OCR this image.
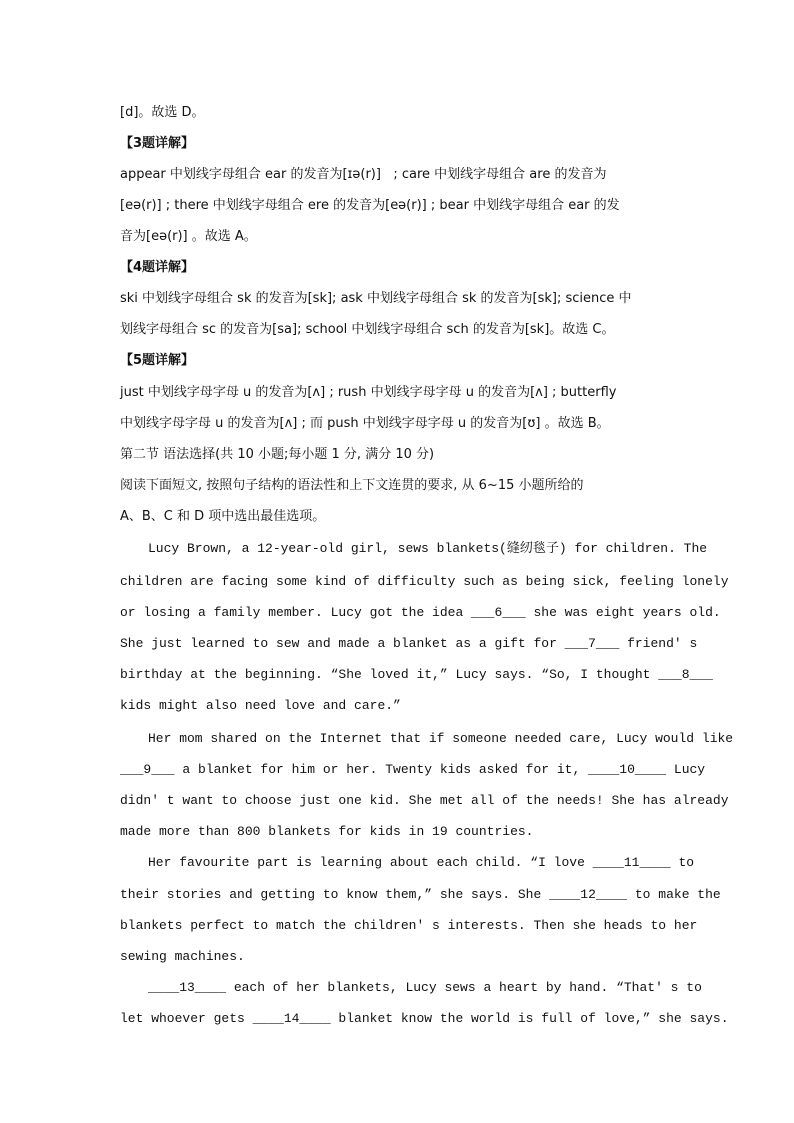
[d]。故选 D。
【3题详解】
appear 中划线字母组合 ear 的发音为[ɪə(r)]   ; care 中划线字母组合 are 的发音为
[eə(r)] ; there 中划线字母组合 ere 的发音为[eə(r)] ; bear 中划线字母组合 ear 的发
音为[eə(r)] 。故选 A。
【4题详解】
ski 中划线字母组合 sk 的发音为[sk]; ask 中划线字母组合 sk 的发音为[sk]; science 中
划线字母组合 sc 的发音为[sa]; school 中划线字母组合 sch 的发音为[sk]。故选 C。
【5题详解】
just 中划线字母字母 u 的发音为[ʌ] ; rush 中划线字母字母 u 的发音为[ʌ] ; butterfly
中划线字母字母 u 的发音为[ʌ] ; 而 push 中划线字母字母 u 的发音为[ʊ] 。故选 B。
第二节 语法选择(共 10 小题;每小题 1 分, 满分 10 分)
阅读下面短文, 按照句子结构的语法性和上下文连贯的要求, 从 6~15 小题所给的
A、B、C 和 D 项中选出最佳选项。
Lucy Brown, a 12-year-old girl, sews blankets(缝纫毯子) for children. The
children are facing some kind of difficulty such as being sick, feeling lonely
or losing a family member. Lucy got the idea ___6___ she was eight years old.
She just learned to sew and made a blanket as a gift for ___7___ friend' s
birthday at the beginning. “She loved it,” Lucy says. “So, I thought ___8___
kids might also need love and care.”
Her mom shared on the Internet that if someone needed care, Lucy would like
___9___ a blanket for him or her. Twenty kids asked for it, ____10____ Lucy
didn' t want to choose just one kid. She met all of the needs! She has already
made more than 800 blankets for kids in 19 countries.
Her favourite part is learning about each child. “I love ____11____ to
their stories and getting to know them,” she says. She ____12____ to make the
blankets perfect to match the children' s interests. Then she heads to her
sewing machines.
____13____ each of her blankets, Lucy sews a heart by hand. “That' s to
let whoever gets ____14____ blanket know the world is full of love,” she says.
